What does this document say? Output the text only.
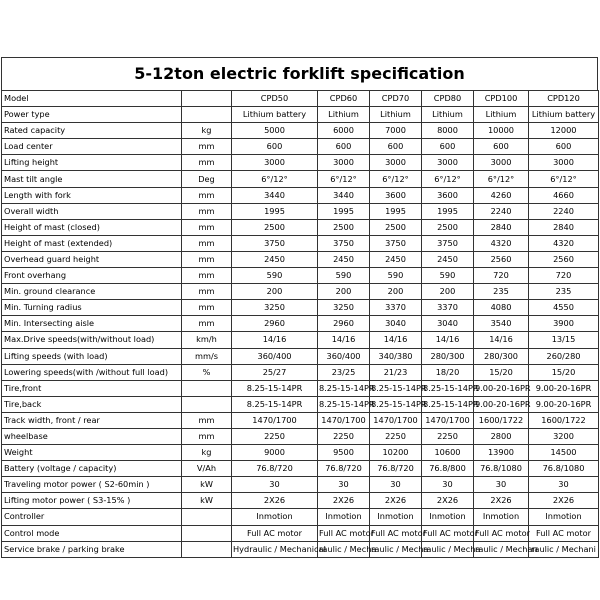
5-12ton electric forklift specification
Model		CPD50	CPD60	CPD70	CPD80	CPD100	CPD120
Power type		Lithium battery	Lithium	Lithium	Lithium	Lithium	Lithium battery
Rated capacity	kg	5000	6000	7000	8000	10000	12000
Load center	mm	600	600	600	600	600	600
Lifting height	mm	3000	3000	3000	3000	3000	3000
Mast tilt angle	Deg	6°/12°	6°/12°	6°/12°	6°/12°	6°/12°	6°/12°
Length with fork	mm	3440	3440	3600	3600	4260	4660
Overall width	mm	1995	1995	1995	1995	2240	2240
Height of mast (closed)	mm	2500	2500	2500	2500	2840	2840
Height of mast (extended)	mm	3750	3750	3750	3750	4320	4320
Overhead guard height	mm	2450	2450	2450	2450	2560	2560
Front overhang	mm	590	590	590	590	720	720
Min. ground clearance	mm	200	200	200	200	235	235
Min. Turning radius	mm	3250	3250	3370	3370	4080	4550
Min. Intersecting aisle	mm	2960	2960	3040	3040	3540	3900
Max.Drive speeds(with/without load)	km/h	14/16	14/16	14/16	14/16	14/16	13/15
Lifting speeds (with load)	mm/s	360/400	360/400	340/380	280/300	280/300	260/280
Lowering speeds(with /without full load)	%	25/27	23/25	21/23	18/20	15/20	15/20
Tire,front		8.25-15-14PR	8.25-15-14PR	8.25-15-14PR	8.25-15-14PR	9.00-20-16PR	9.00-20-16PR
Tire,back		8.25-15-14PR	8.25-15-14PR	8.25-15-14PR	8.25-15-14PR	9.00-20-16PR	9.00-20-16PR
Track width, front / rear	mm	1470/1700	1470/1700	1470/1700	1470/1700	1600/1722	1600/1722
wheelbase	mm	2250	2250	2250	2250	2800	3200
Weight	kg	9000	9500	10200	10600	13900	14500
Battery (voltage / capacity)	V/Ah	76.8/720	76.8/720	76.8/720	76.8/800	76.8/1080	76.8/1080
Traveling motor power ( S2-60min )	kW	30	30	30	30	30	30
Lifting motor power ( S3-15% )	kW	2X26	2X26	2X26	2X26	2X26	2X26
Controller		Inmotion	Inmotion	Inmotion	Inmotion	Inmotion	Inmotion
Control mode		Full AC motor	Full AC motor	Full AC motor	Full AC motor	Full AC motor	Full AC motor
Service brake / parking brake		Hydraulic / Mechanical	raulic / Mecha	raulic / Mecha	raulic / Mecha	raulic / Mechan	raulic / Mechani
